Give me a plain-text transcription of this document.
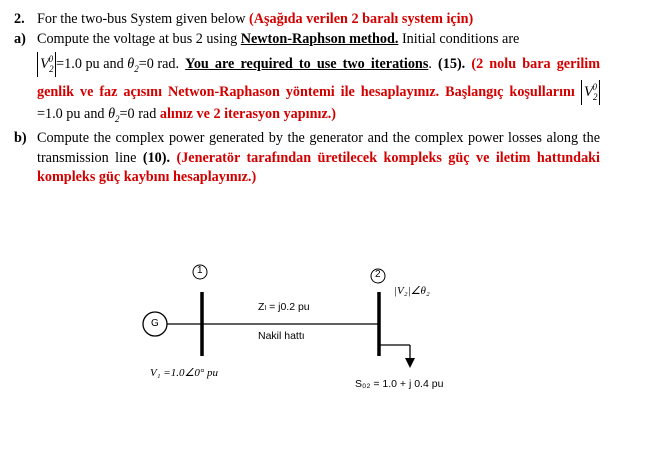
2. For the two-bus System given below (Aşağıda verilen 2 baralı system için)
a) Compute the voltage at bus 2 using Newton-Raphson method. Initial conditions are
$V_2^0 =1.0$ pu and $\theta_2=0$ rad. You are required to use two iterations. (15). (2 nolu bara gerilim genlik ve faz açısını Netwon-Raphason yöntemi ile hesaplayınız. Başlangıç koşullarını $V_2^0=1.0$ pu and $\theta_2=0$ rad alınız ve 2 iterasyon yapınız.)
b) Compute the complex power generated by the generator and the complex power losses along the transmission line (10). (Jeneratör tarafından üretilecek kompleks güç ve iletim hattındaki kompleks güç kaybını hesaplayınız.)
1	2
G
Zₗ = j0.2 pu
Nakil hattı
V₁ =1.0∠0° pu
|V₂|∠θ₂
S₀₂ = 1.0 + j 0.4 pu
